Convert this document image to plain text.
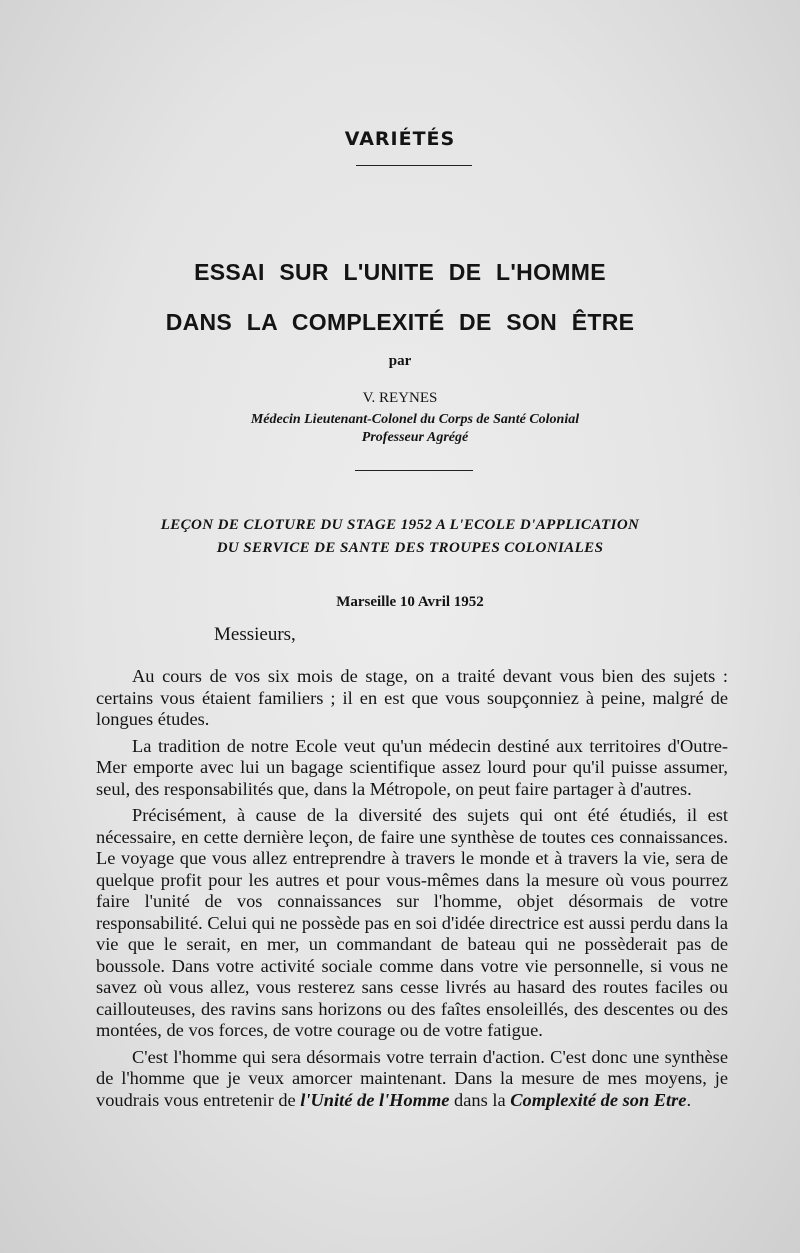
VARIÉTÉS
ESSAI SUR L'UNITE DE L'HOMME
DANS LA COMPLEXITÉ DE SON ÊTRE
par
V. REYNES
Médecin Lieutenant-Colonel du Corps de Santé Colonial
Professeur Agrégé
LEÇON DE CLOTURE DU STAGE 1952 A L'ECOLE D'APPLICATION
DU SERVICE DE SANTE DES TROUPES COLONIALES
Marseille 10 Avril 1952
Messieurs,

Au cours de vos six mois de stage, on a traité devant vous bien des sujets : certains vous étaient familiers ; il en est que vous soupçonniez à peine, malgré de longues études.

La tradition de notre Ecole veut qu'un médecin destiné aux territoires d'Outre-Mer emporte avec lui un bagage scientifique assez lourd pour qu'il puisse assumer, seul, des responsabilités que, dans la Métropole, on peut faire partager à d'autres.

Précisément, à cause de la diversité des sujets qui ont été étudiés, il est nécessaire, en cette dernière leçon, de faire une synthèse de toutes ces connaissances. Le voyage que vous allez entreprendre à travers le monde et à travers la vie, sera de quelque profit pour les autres et pour vous-mêmes dans la mesure où vous pourrez faire l'unité de vos connaissances sur l'homme, objet désormais de votre responsabilité. Celui qui ne possède pas en soi d'idée directrice est aussi perdu dans la vie que le serait, en mer, un commandant de bateau qui ne possèderait pas de boussole. Dans votre activité sociale comme dans votre vie personnelle, si vous ne savez où vous allez, vous resterez sans cesse livrés au hasard des routes faciles ou caillouteuses, des ravins sans horizons ou des faîtes ensoleillés, des descentes ou des montées, de vos forces, de votre courage ou de votre fatigue.

C'est l'homme qui sera désormais votre terrain d'action. C'est donc une synthèse de l'homme que je veux amorcer maintenant. Dans la mesure de mes moyens, je voudrais vous entretenir de l'Unité de l'Homme dans la Complexité de son Etre.
